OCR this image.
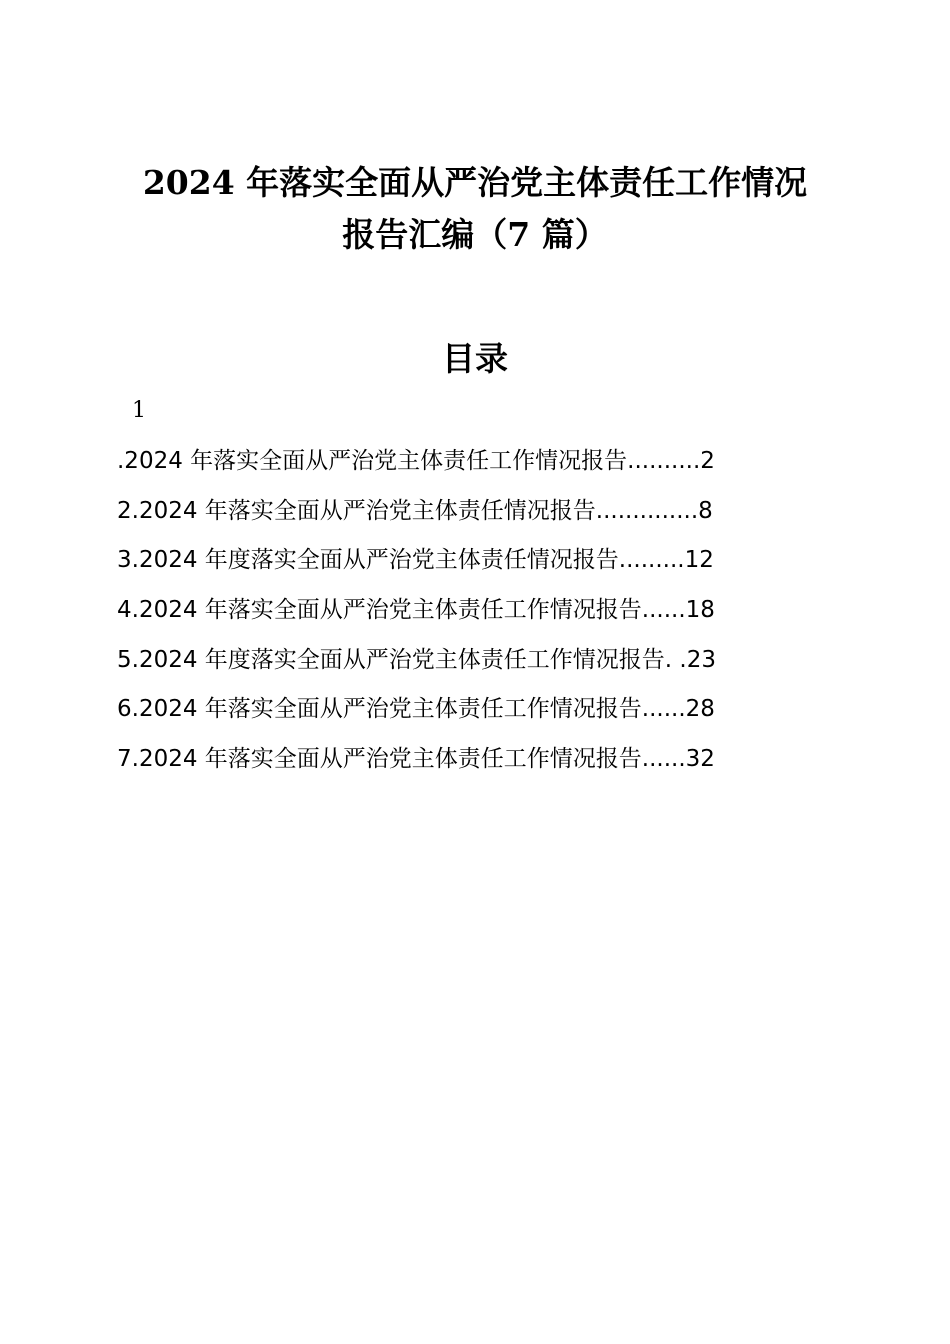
2024 年落实全面从严治党主体责任工作情况
报告汇编（7 篇）
目录
1
.2024 年落实全面从严治党主体责任工作情况报告..........2
2.2024 年落实全面从严治党主体责任情况报告..............8
3.2024 年度落实全面从严治党主体责任情况报告.........12
4.2024 年落实全面从严治党主体责任工作情况报告......18
5.2024 年度落实全面从严治党主体责任工作情况报告. .23
6.2024 年落实全面从严治党主体责任工作情况报告......28
7.2024 年落实全面从严治党主体责任工作情况报告......32
